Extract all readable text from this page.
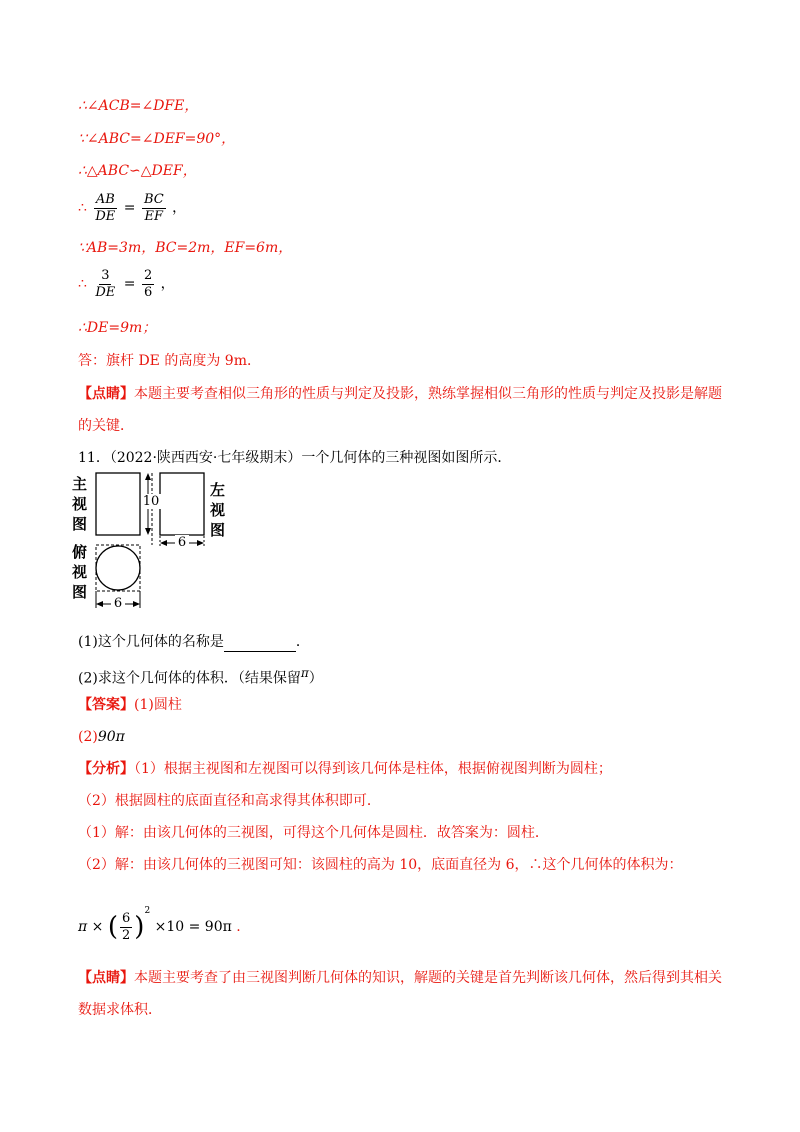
∴∠ACB=∠DFE，
∵∠ABC=∠DEF=90°，
∴△ABC∽△DEF，
∴ $\frac{AB}{DE} = \frac{BC}{EF}$ ，
∵AB=3m，BC=2m，EF=6m，
∴ $\frac{3}{DE} = \frac{2}{6}$ ，
∴DE=9m；
答：旗杆 DE 的高度为 9m．
【点睛】本题主要考查相似三角形的性质与判定及投影，熟练掌握相似三角形的性质与判定及投影是解题
的关键．
11．（2022·陕西西安·七年级期末）一个几何体的三种视图如图所示．
主视图
左视图
俯视图
10
6
6
(1)这个几何体的名称是	．
(2)求这个几何体的体积．（结果保留π）
【答案】(1)圆柱
(2)90π
【分析】（1）根据主视图和左视图可以得到该几何体是柱体，根据俯视图判断为圆柱；
（2）根据圆柱的底面直径和高求得其体积即可．
（1）解：由该几何体的三视图，可得这个几何体是圆柱．故答案为：圆柱．
（2）解：由该几何体的三视图可知：该圆柱的高为 10，底面直径为 6，∴这个几何体的体积为：
π × ( $\frac{6}{2} )^2 \times 10 = 90\pi$ .
【点睛】本题主要考查了由三视图判断几何体的知识，解题的关键是首先判断该几何体，然后得到其相关
数据求体积．
